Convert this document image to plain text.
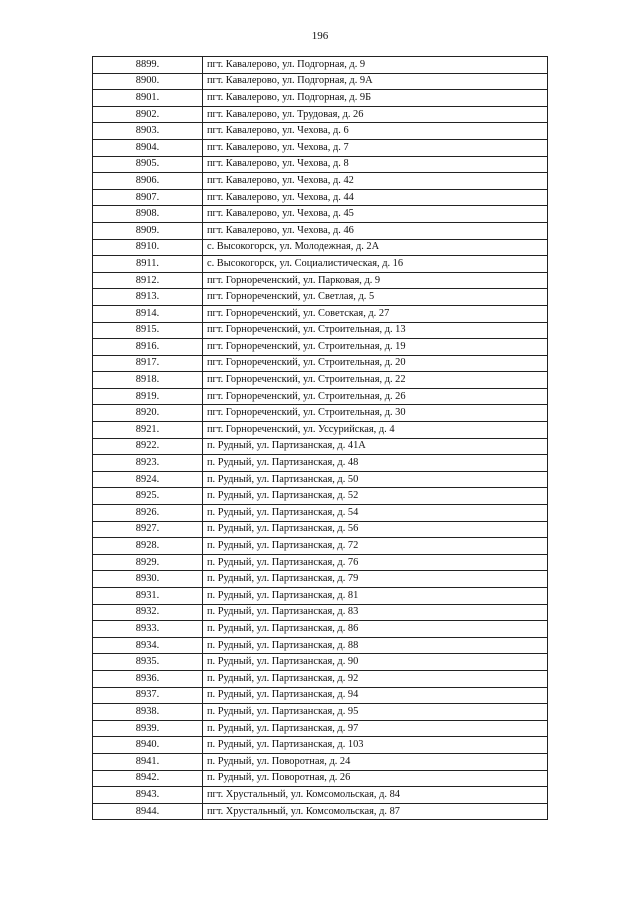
196
8899.	пгт. Кавалерово, ул. Подгорная, д. 9
8900.	пгт. Кавалерово, ул. Подгорная, д. 9А
8901.	пгт. Кавалерово, ул. Подгорная, д. 9Б
8902.	пгт. Кавалерово, ул. Трудовая, д. 26
8903.	пгт. Кавалерово, ул. Чехова, д. 6
8904.	пгт. Кавалерово, ул. Чехова, д. 7
8905.	пгт. Кавалерово, ул. Чехова, д. 8
8906.	пгт. Кавалерово, ул. Чехова, д. 42
8907.	пгт. Кавалерово, ул. Чехова, д. 44
8908.	пгт. Кавалерово, ул. Чехова, д. 45
8909.	пгт. Кавалерово, ул. Чехова, д. 46
8910.	с. Высокогорск, ул. Молодежная, д. 2А
8911.	с. Высокогорск, ул. Социалистическая, д. 16
8912.	пгт. Горнореченский, ул. Парковая, д. 9
8913.	пгт. Горнореченский, ул. Светлая, д. 5
8914.	пгт. Горнореченский, ул. Советская, д. 27
8915.	пгт. Горнореченский, ул. Строительная, д. 13
8916.	пгт. Горнореченский, ул. Строительная, д. 19
8917.	пгт. Горнореченский, ул. Строительная, д. 20
8918.	пгт. Горнореченский, ул. Строительная, д. 22
8919.	пгт. Горнореченский, ул. Строительная, д. 26
8920.	пгт. Горнореченский, ул. Строительная, д. 30
8921.	пгт. Горнореченский, ул. Уссурийская, д. 4
8922.	п. Рудный, ул. Партизанская, д. 41А
8923.	п. Рудный, ул. Партизанская, д. 48
8924.	п. Рудный, ул. Партизанская, д. 50
8925.	п. Рудный, ул. Партизанская, д. 52
8926.	п. Рудный, ул. Партизанская, д. 54
8927.	п. Рудный, ул. Партизанская, д. 56
8928.	п. Рудный, ул. Партизанская, д. 72
8929.	п. Рудный, ул. Партизанская, д. 76
8930.	п. Рудный, ул. Партизанская, д. 79
8931.	п. Рудный, ул. Партизанская, д. 81
8932.	п. Рудный, ул. Партизанская, д. 83
8933.	п. Рудный, ул. Партизанская, д. 86
8934.	п. Рудный, ул. Партизанская, д. 88
8935.	п. Рудный, ул. Партизанская, д. 90
8936.	п. Рудный, ул. Партизанская, д. 92
8937.	п. Рудный, ул. Партизанская, д. 94
8938.	п. Рудный, ул. Партизанская, д. 95
8939.	п. Рудный, ул. Партизанская, д. 97
8940.	п. Рудный, ул. Партизанская, д. 103
8941.	п. Рудный, ул. Поворотная, д. 24
8942.	п. Рудный, ул. Поворотная, д. 26
8943.	пгт. Хрустальный, ул. Комсомольская, д. 84
8944.	пгт. Хрустальный, ул. Комсомольская, д. 87
